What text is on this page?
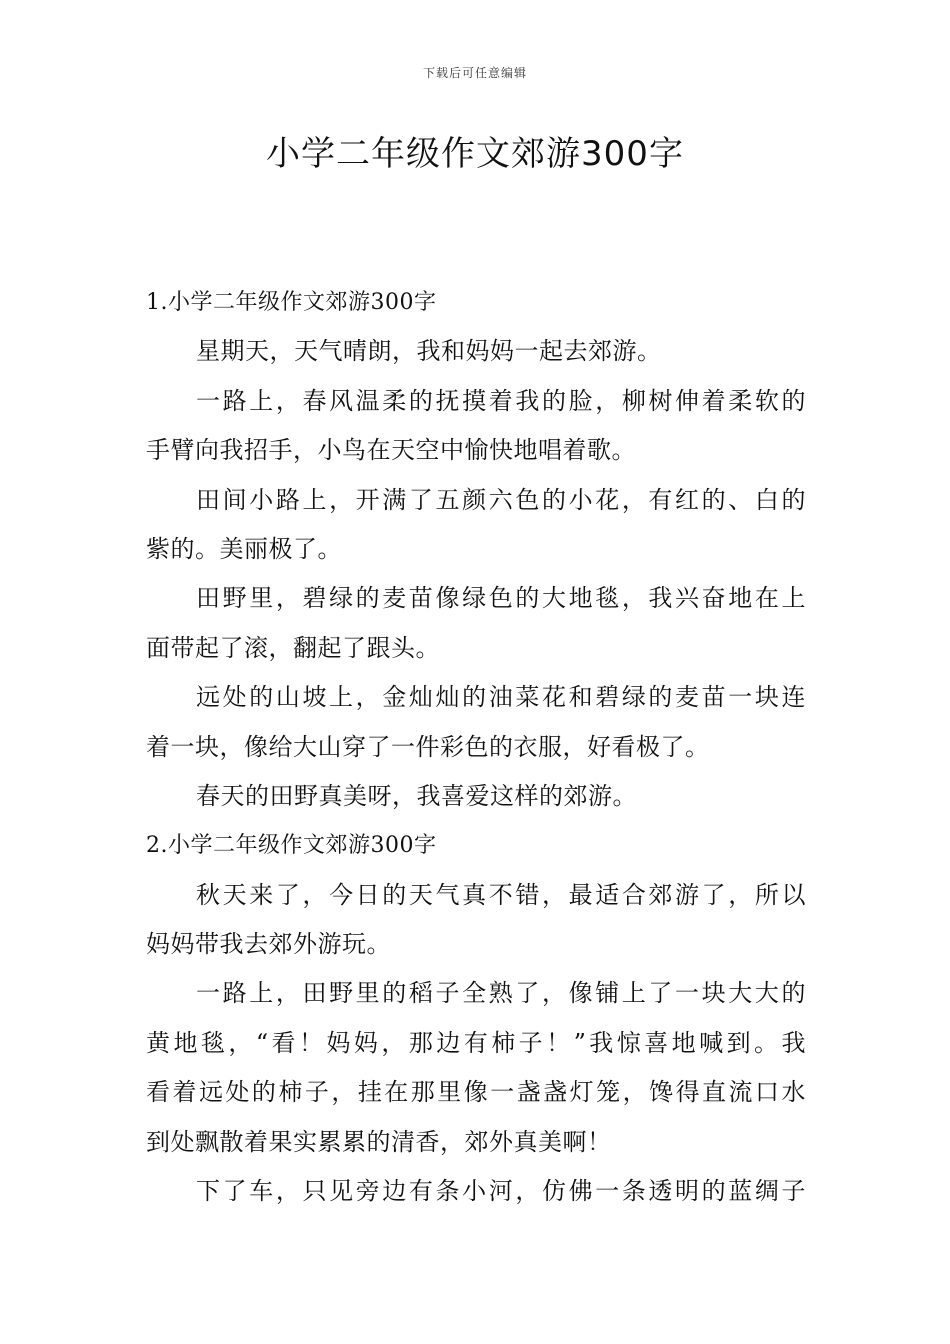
下载后可任意编辑
小学二年级作文郊游300字
1.小学二年级作文郊游300字
星期天，天气晴朗，我和妈妈一起去郊游。
一路上，春风温柔的抚摸着我的脸，柳树伸着柔软的
手臂向我招手，小鸟在天空中愉快地唱着歌。
田间小路上，开满了五颜六色的小花，有红的、白的
紫的。美丽极了。
田野里，碧绿的麦苗像绿色的大地毯，我兴奋地在上
面带起了滚，翻起了跟头。
远处的山坡上，金灿灿的油菜花和碧绿的麦苗一块连
着一块，像给大山穿了一件彩色的衣服，好看极了。
春天的田野真美呀，我喜爱这样的郊游。
2.小学二年级作文郊游300字
秋天来了，今日的天气真不错，最适合郊游了，所以
妈妈带我去郊外游玩。
一路上，田野里的稻子全熟了，像铺上了一块大大的
黄地毯，“看！妈妈，那边有柿子！”我惊喜地喊到。我
看着远处的柿子，挂在那里像一盏盏灯笼，馋得直流口水
到处飘散着果实累累的清香，郊外真美啊！
下了车，只见旁边有条小河，仿佛一条透明的蓝绸子
